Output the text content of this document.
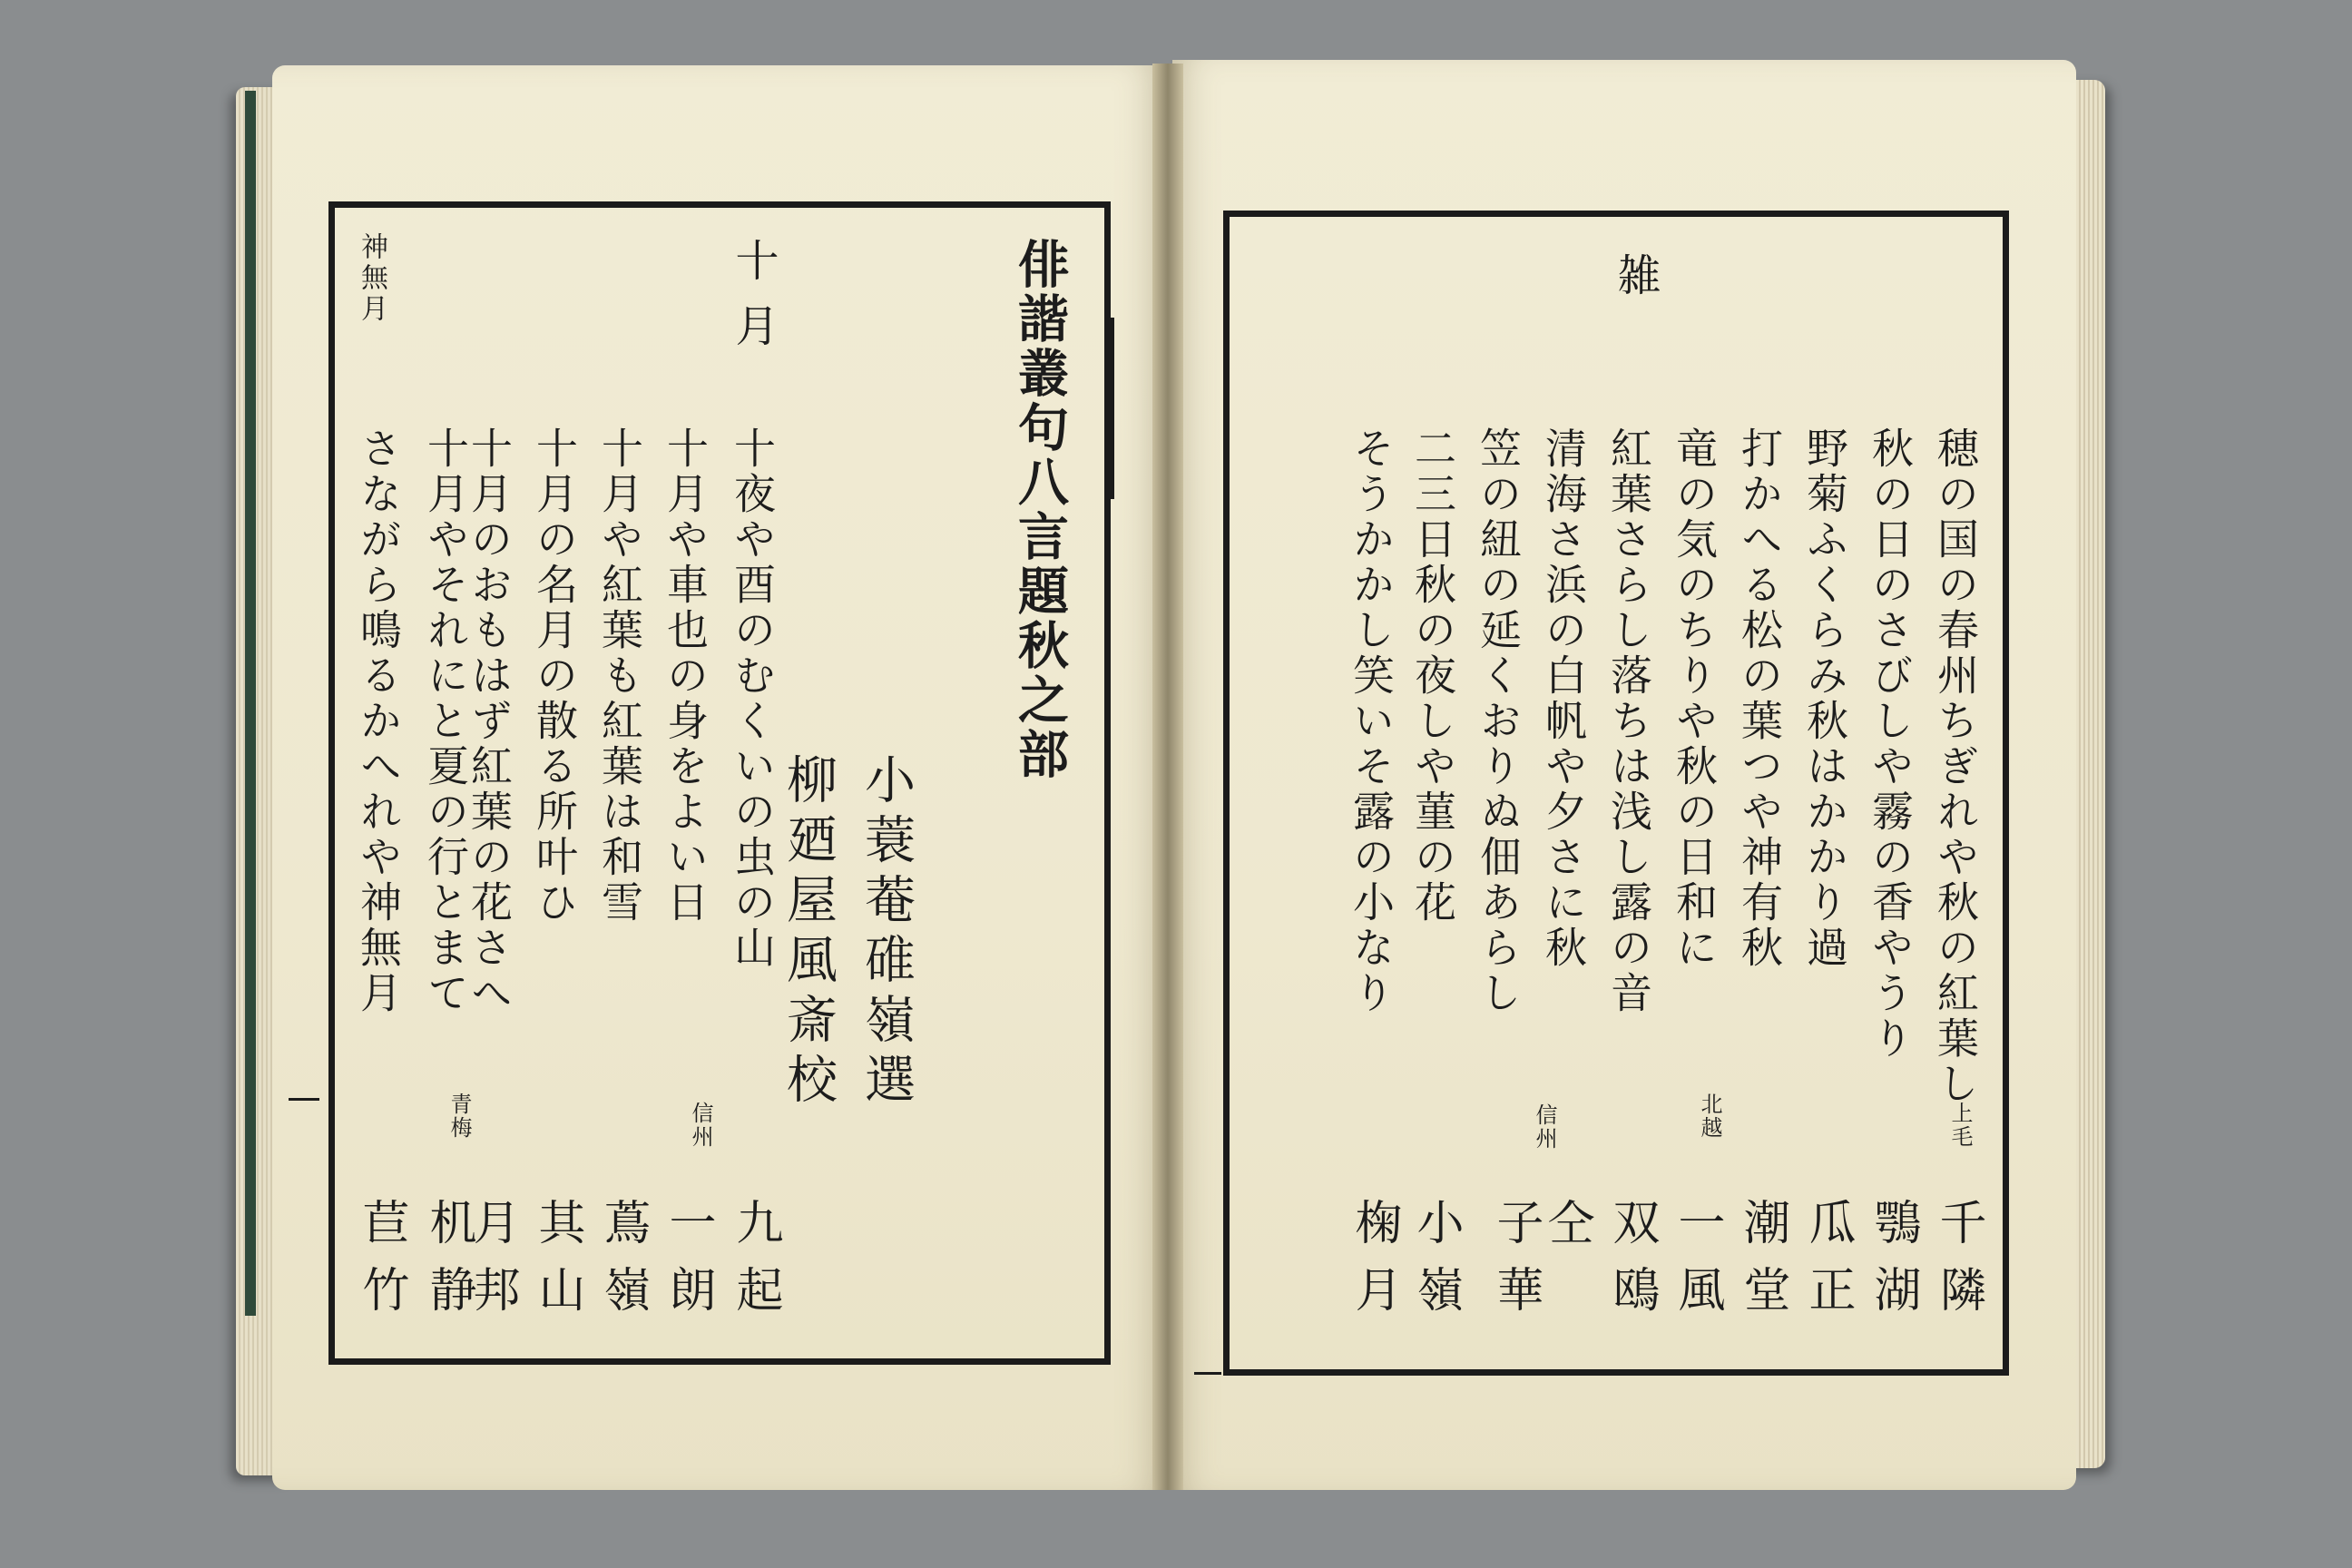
俳諧叢句八言題秋之部
小蓑菴碓嶺選
十月
十夜や酉のむくいの虫の山
九起
十月や車也の身をよい日
信州
一朗
十月や紅葉も紅葉は和雪
蔦嶺
十月の名月の散る所叶ひ
其山
十月のおもはず紅葉の花さへ
青梅
月邦
十月やそれにと夏の行とまて
机静
神無月
さながら鳴るかへれや神無月
苣竹
雑
穂の国の春州ちぎれや秋の紅葉し
上毛
千隣
秋の日のさびしや霧の香やうり
鶚湖
野菊ふくらみ秋はかかり過
瓜正
打かへる松の葉つや神有秋
潮堂
竜の気のちりや秋の日和に
北越
一風
紅葉さらし落ちは浅し露の音
双鴎
清海さ浜の白帆や夕さに秋
仝
笠の紐の延くおりぬ佃あらし
信州
子華
二三日秋の夜しや菫の花
小嶺
そうかかし笑いそ露の小なり
椈月
柳廼屋風斎校
